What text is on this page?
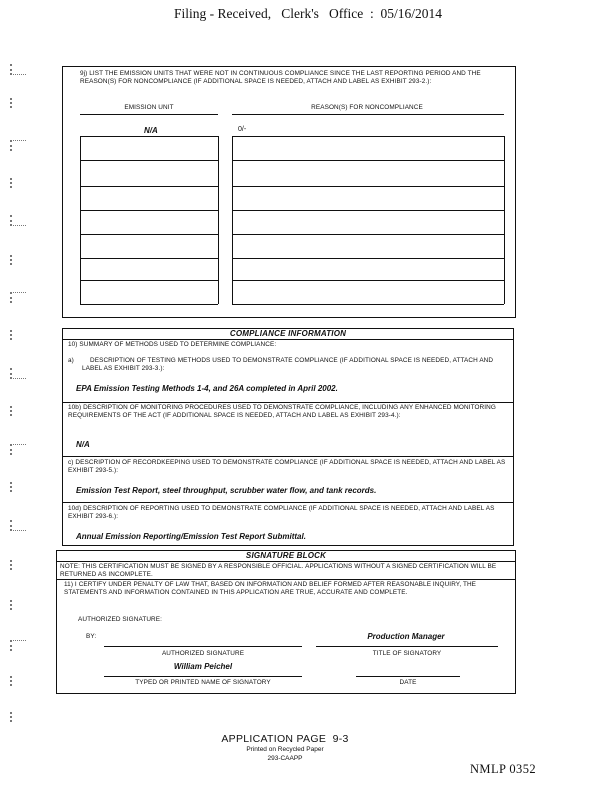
Filing - Received,   Clerk's   Office  :  05/16/2014
9j) LIST THE EMISSION UNITS THAT WERE NOT IN CONTINUOUS COMPLIANCE SINCE THE LAST REPORTING PERIOD AND THE REASON(S) FOR NONCOMPLIANCE (IF ADDITIONAL SPACE IS NEEDED, ATTACH AND LABEL AS EXHIBIT 293-2.):
EMISSION UNIT	REASON(S) FOR NONCOMPLIANCE
N/A	0/-
COMPLIANCE INFORMATION
10) SUMMARY OF METHODS USED TO DETERMINE COMPLIANCE:
a)	DESCRIPTION OF TESTING METHODS USED TO DEMONSTRATE COMPLIANCE (IF ADDITIONAL SPACE IS NEEDED, ATTACH AND LABEL AS EXHIBIT 293-3.):
EPA Emission Testing Methods 1-4, and 26A completed in April 2002.
10b) DESCRIPTION OF MONITORING PROCEDURES USED TO DEMONSTRATE COMPLIANCE, INCLUDING ANY ENHANCED MONITORING REQUIREMENTS OF THE ACT (IF ADDITIONAL SPACE IS NEEDED, ATTACH AND LABEL AS EXHIBIT 293-4.):
N/A
c) DESCRIPTION OF RECORDKEEPING USED TO DEMONSTRATE COMPLIANCE (IF ADDITIONAL SPACE IS NEEDED, ATTACH AND LABEL AS EXHIBIT 293-5.):
Emission Test Report, steel throughput, scrubber water flow, and tank records.
10d) DESCRIPTION OF REPORTING USED TO DEMONSTRATE COMPLIANCE (IF ADDITIONAL SPACE IS NEEDED, ATTACH AND LABEL AS EXHIBIT 293-6.):
Annual Emission Reporting/Emission Test Report Submittal.
SIGNATURE BLOCK
NOTE: THIS CERTIFICATION MUST BE SIGNED BY A RESPONSIBLE OFFICIAL. APPLICATIONS WITHOUT A SIGNED CERTIFICATION WILL BE RETURNED AS INCOMPLETE.
11) I CERTIFY UNDER PENALTY OF LAW THAT, BASED ON INFORMATION AND BELIEF FORMED AFTER REASONABLE INQUIRY, THE STATEMENTS AND INFORMATION CONTAINED IN THIS APPLICATION ARE TRUE, ACCURATE AND COMPLETE.
AUTHORIZED SIGNATURE:
BY:
AUTHORIZED SIGNATURE
Production Manager
TITLE OF SIGNATORY
William Peichel
TYPED OR PRINTED NAME OF SIGNATORY	DATE
APPLICATION PAGE  9-3
Printed on Recycled Paper
293-CAAPP
NMLP 0352
